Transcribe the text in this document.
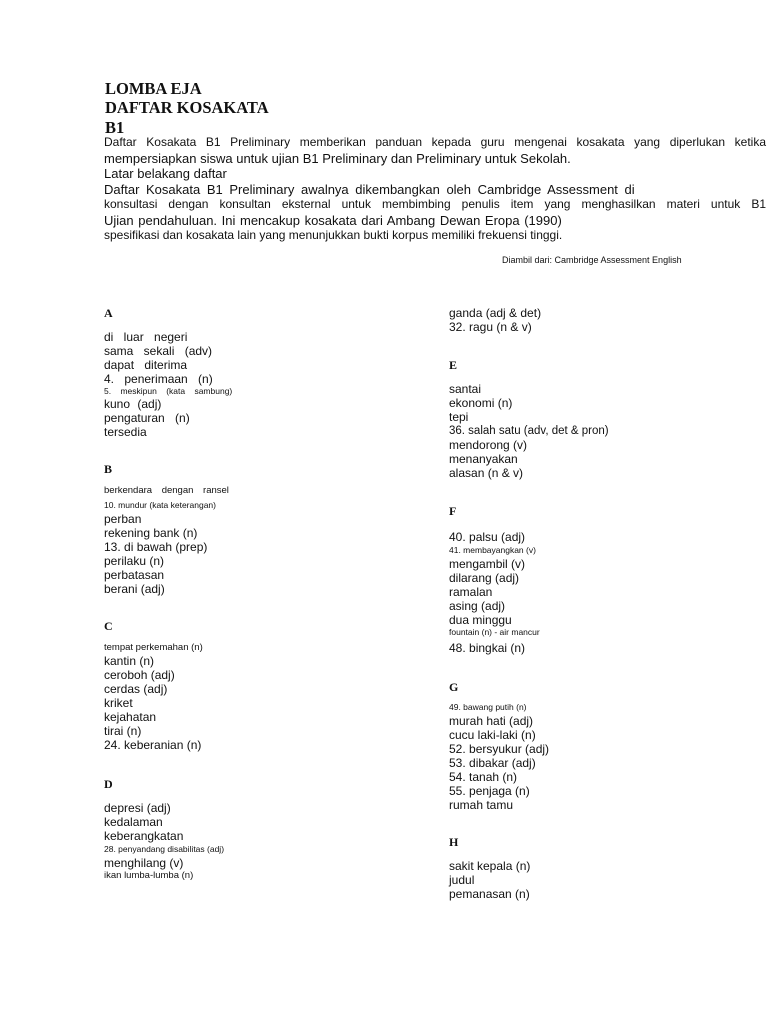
LOMBA EJA
DAFTAR KOSAKATA
B1

Daftar Kosakata B1 Preliminary memberikan panduan kepada guru mengenai kosakata yang diperlukan ketika

mempersiapkan siswa untuk ujian B1 Preliminary dan Preliminary untuk Sekolah.

Latar belakang daftar

Daftar Kosakata B1 Preliminary awalnya dikembangkan oleh Cambridge Assessment di

konsultasi dengan konsultan eksternal untuk membimbing penulis item yang menghasilkan materi untuk B1

Ujian pendahuluan. Ini mencakup kosakata dari Ambang Dewan Eropa (1990)

spesifikasi dan kosakata lain yang menunjukkan bukti korpus memiliki frekuensi tinggi.

Diambil dari: Cambridge Assessment English

A
di luar negeri
sama sekali (adv)
dapat diterima
4. penerimaan (n)
5. meskipun (kata sambung)
kuno (adj)
pengaturan (n)
tersedia
B
berkendara dengan ransel
10. mundur (kata keterangan)
perban
rekening bank (n)
13. di bawah (prep)
perilaku (n)
perbatasan
berani (adj)
C
tempat perkemahan (n)
kantin (n)
ceroboh (adj)
cerdas (adj)
kriket
kejahatan
tirai (n)
24. keberanian (n)
D
depresi (adj)
kedalaman
keberangkatan
28. penyandang disabilitas (adj)
menghilang (v)
ikan lumba-lumba (n)
ganda (adj & det)
32. ragu (n & v)
E
santai
ekonomi (n)
tepi
36. salah satu (adv, det & pron)
mendorong (v)
menanyakan
alasan (n & v)
F
40. palsu (adj)
41. membayangkan (v)
mengambil (v)
dilarang (adj)
ramalan
asing (adj)
dua minggu
fountain (n) - air mancur
48. bingkai (n)
G
49. bawang putih (n)
murah hati (adj)
cucu laki-laki (n)
52. bersyukur (adj)
53. dibakar (adj)
54. tanah (n)
55. penjaga (n)
rumah tamu
H
sakit kepala (n)
judul
pemanasan (n)
